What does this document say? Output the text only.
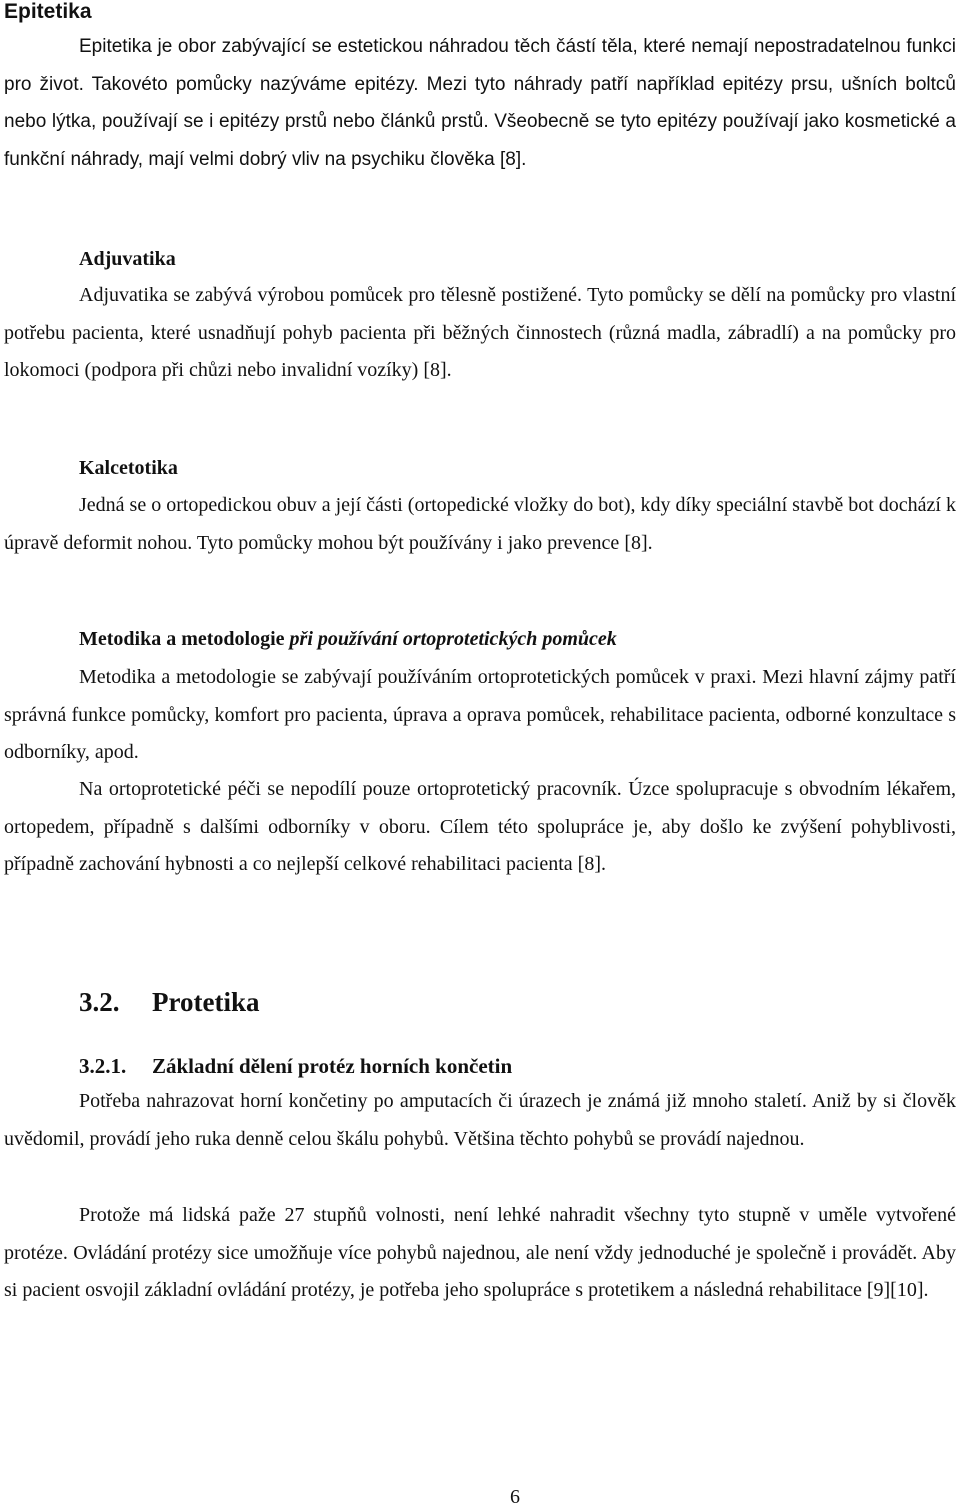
Epitetika

Epitetika je obor zabývající se estetickou náhradou těch částí těla, které nemají nepostradatelnou funkci pro život. Takovéto pomůcky nazýváme epitézy. Mezi tyto náhrady patří například epitézy prsu, ušních boltců nebo lýtka, používají se i epitézy prstů nebo článků prstů. Všeobecně se tyto epitézy používají jako kosmetické a funkční náhrady, mají velmi dobrý vliv na psychiku člověka [8].

Adjuvatika

Adjuvatika se zabývá výrobou pomůcek pro tělesně postižené. Tyto pomůcky se dělí na pomůcky pro vlastní potřebu pacienta, které usnadňují pohyb pacienta při běžných činnostech (různá madla, zábradlí) a na pomůcky pro lokomoci (podpora při chůzi nebo invalidní vozíky) [8].

Kalcetotika

Jedná se o ortopedickou obuv a její části (ortopedické vložky do bot), kdy díky speciální stavbě bot dochází k úpravě deformit nohou. Tyto pomůcky mohou být používány i jako prevence [8].

Metodika a metodologie při používání ortoprotetických pomůcek

Metodika a metodologie se zabývají používáním ortoprotetických pomůcek v praxi. Mezi hlavní zájmy patří správná funkce pomůcky, komfort pro pacienta, úprava a oprava pomůcek, rehabilitace pacienta, odborné konzultace s odborníky, apod.

Na ortoprotetické péči se nepodílí pouze ortoprotetický pracovník. Úzce spolupracuje s obvodním lékařem, ortopedem, případně s dalšími odborníky v oboru. Cílem této spolupráce je, aby došlo ke zvýšení pohyblivosti, případně zachování hybnosti a co nejlepší celkové rehabilitaci pacienta [8].

3.2. Protetika
3.2.1. Základní dělení protéz horních končetin

Potřeba nahrazovat horní končetiny po amputacích či úrazech je známá již mnoho staletí. Aniž by si člověk uvědomil, provádí jeho ruka denně celou škálu pohybů. Většina těchto pohybů se provádí najednou.

Protože má lidská paže 27 stupňů volnosti, není lehké nahradit všechny tyto stupně v uměle vytvořené protéze. Ovládání protézy sice umožňuje více pohybů najednou, ale není vždy jednoduché je společně i provádět. Aby si pacient osvojil základní ovládání protézy, je potřeba jeho spolupráce s protetikem a následná rehabilitace [9][10].

6
